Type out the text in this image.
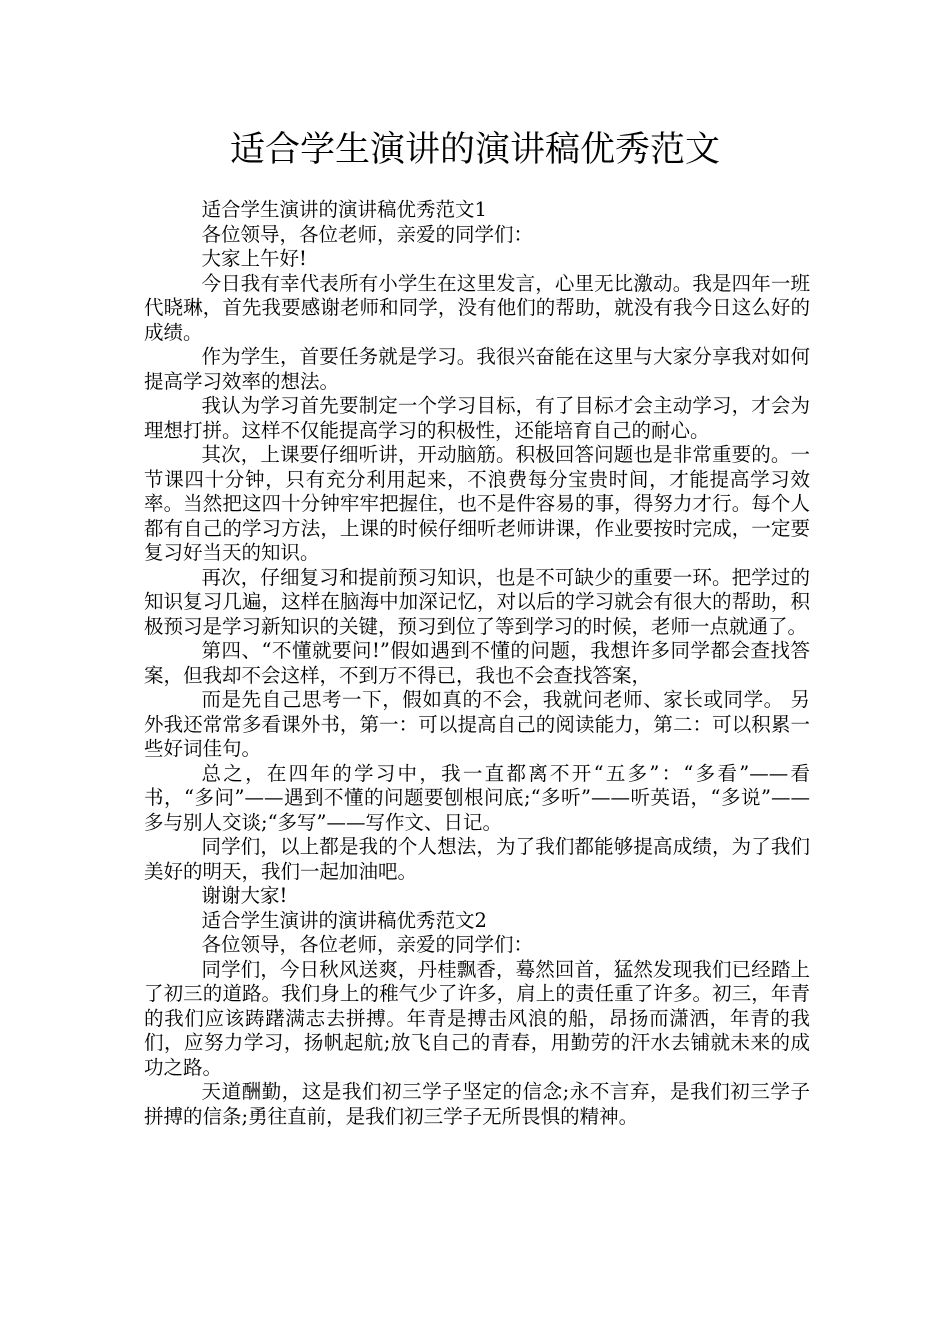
适合学生演讲的演讲稿优秀范文

适合学生演讲的演讲稿优秀范文1

各位领导，各位老师，亲爱的同学们：

大家上午好!

今日我有幸代表所有小学生在这里发言，心里无比激动。我是四年一班代晓琳，首先我要感谢老师和同学，没有他们的帮助，就没有我今日这么好的成绩。

作为学生，首要任务就是学习。我很兴奋能在这里与大家分享我对如何提高学习效率的想法。

我认为学习首先要制定一个学习目标，有了目标才会主动学习，才会为理想打拼。这样不仅能提高学习的积极性，还能培育自己的耐心。

其次，上课要仔细听讲，开动脑筋。积极回答问题也是非常重要的。一节课四十分钟，只有充分利用起来，不浪费每分宝贵时间，才能提高学习效率。当然把这四十分钟牢牢把握住，也不是件容易的事，得努力才行。每个人都有自己的学习方法，上课的时候仔细听老师讲课，作业要按时完成，一定要复习好当天的知识。

再次，仔细复习和提前预习知识，也是不可缺少的重要一环。把学过的知识复习几遍，这样在脑海中加深记忆，对以后的学习就会有很大的帮助，积极预习是学习新知识的关键，预习到位了等到学习的时候，老师一点就通了。

第四、“不懂就要问!”假如遇到不懂的问题，我想许多同学都会查找答案，但我却不会这样，不到万不得已，我也不会查找答案，

而是先自己思考一下，假如真的不会，我就问老师、家长或同学。 另外我还常常多看课外书，第一：可以提高自己的阅读能力，第二：可以积累一些好词佳句。

总之，在四年的学习中，我一直都离不开“五多”：“多看”——看书，“多问”——遇到不懂的问题要刨根问底;“多听”——听英语，“多说”——多与别人交谈;“多写”——写作文、日记。

同学们，以上都是我的个人想法，为了我们都能够提高成绩，为了我们美好的明天，我们一起加油吧。

谢谢大家!

适合学生演讲的演讲稿优秀范文2

各位领导，各位老师，亲爱的同学们：

同学们，今日秋风送爽，丹桂飘香，蓦然回首，猛然发现我们已经踏上了初三的道路。我们身上的稚气少了许多，肩上的责任重了许多。初三，年青的我们应该踌躇满志去拼搏。年青是搏击风浪的船，昂扬而潇洒，年青的我们，应努力学习，扬帆起航;放飞自己的青春，用勤劳的汗水去铺就未来的成功之路。

天道酬勤，这是我们初三学子坚定的信念;永不言弃，是我们初三学子拼搏的信条;勇往直前，是我们初三学子无所畏惧的精神。
